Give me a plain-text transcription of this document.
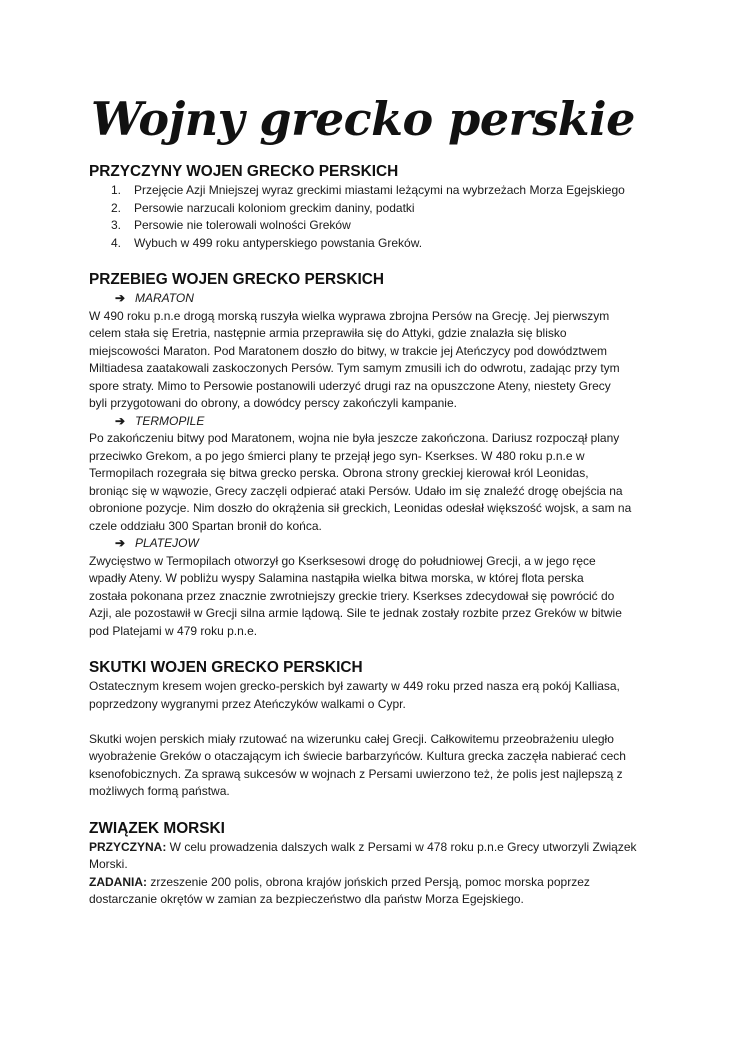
Wojny grecko perskie
PRZYCZYNY WOJEN GRECKO PERSKICH
1.	Przejęcie Azji Mniejszej wyraz greckimi miastami leżącymi na wybrzeżach Morza Egejskiego
2.	Persowie narzucali koloniom greckim daniny, podatki
3.	Persowie nie tolerowali wolności Greków
4.	Wybuch w 499 roku antyperskiego powstania Greków.
PRZEBIEG WOJEN GRECKO PERSKICH
➔ MARATON

W 490 roku p.n.e drogą morską ruszyła wielka wyprawa zbrojna Persów na Grecję. Jej pierwszym

celem stała się Eretria, następnie armia przeprawiła się do Attyki, gdzie znalazła się blisko

miejscowości Maraton. Pod Maratonem doszło do bitwy, w trakcie jej Ateńczycy pod dowództwem

Miltiadesa zaatakowali zaskoczonych Persów. Tym samym zmusili ich do odwrotu, zadając przy tym

spore straty. Mimo to Persowie postanowili uderzyć drugi raz na opuszczone Ateny, niestety Grecy

byli przygotowani do obrony, a dowódcy perscy zakończyli kampanie.

➔ TERMOPILE

Po zakończeniu bitwy pod Maratonem, wojna nie była jeszcze zakończona. Dariusz rozpoczął plany

przeciwko Grekom, a po jego śmierci plany te przejął jego syn- Kserkses. W 480 roku p.n.e w

Termopilach rozegrała się bitwa grecko perska. Obrona strony greckiej kierował król Leonidas,

broniąc się w wąwozie, Grecy zaczęli odpierać ataki Persów. Udało im się znaleźć drogę obejścia na

obronione pozycje. Nim doszło do okrążenia sił greckich, Leonidas odesłał większość wojsk, a sam na

czele oddziału 300 Spartan bronił do końca.

➔ PLATEJOW

Zwycięstwo w Termopilach otworzył go Kserksesowi drogę do południowej Grecji, a w jego ręce

wpadły Ateny. W pobliżu wyspy Salamina nastąpiła wielka bitwa morska, w której flota perska

została pokonana przez znacznie zwrotniejszy greckie triery. Kserkses zdecydował się powrócić do

Azji, ale pozostawił w Grecji silna armie lądową. Sile te jednak zostały rozbite przez Greków w bitwie

pod Platejami w 479 roku p.n.e.

SKUTKI WOJEN GRECKO PERSKICH

Ostatecznym kresem wojen grecko-perskich był zawarty w 449 roku przed nasza erą pokój Kalliasa,

poprzedzony wygranymi przez Ateńczyków walkami o Cypr.

Skutki wojen perskich miały rzutować na wizerunku całej Grecji. Całkowitemu przeobrażeniu uległo

wyobrażenie Greków o otaczającym ich świecie barbarzyńców. Kultura grecka zaczęła nabierać cech

ksenofobicznych. Za sprawą sukcesów w wojnach z Persami uwierzono też, że polis jest najlepszą z

możliwych formą państwa.

ZWIĄZEK MORSKI

PRZYCZYNA: W celu prowadzenia dalszych walk z Persami w 478 roku p.n.e Grecy utworzyli Związek

Morski.

ZADANIA: zrzeszenie 200 polis, obrona krajów jońskich przed Persją, pomoc morska poprzez

dostarczanie okrętów w zamian za bezpieczeństwo dla państw Morza Egejskiego.
